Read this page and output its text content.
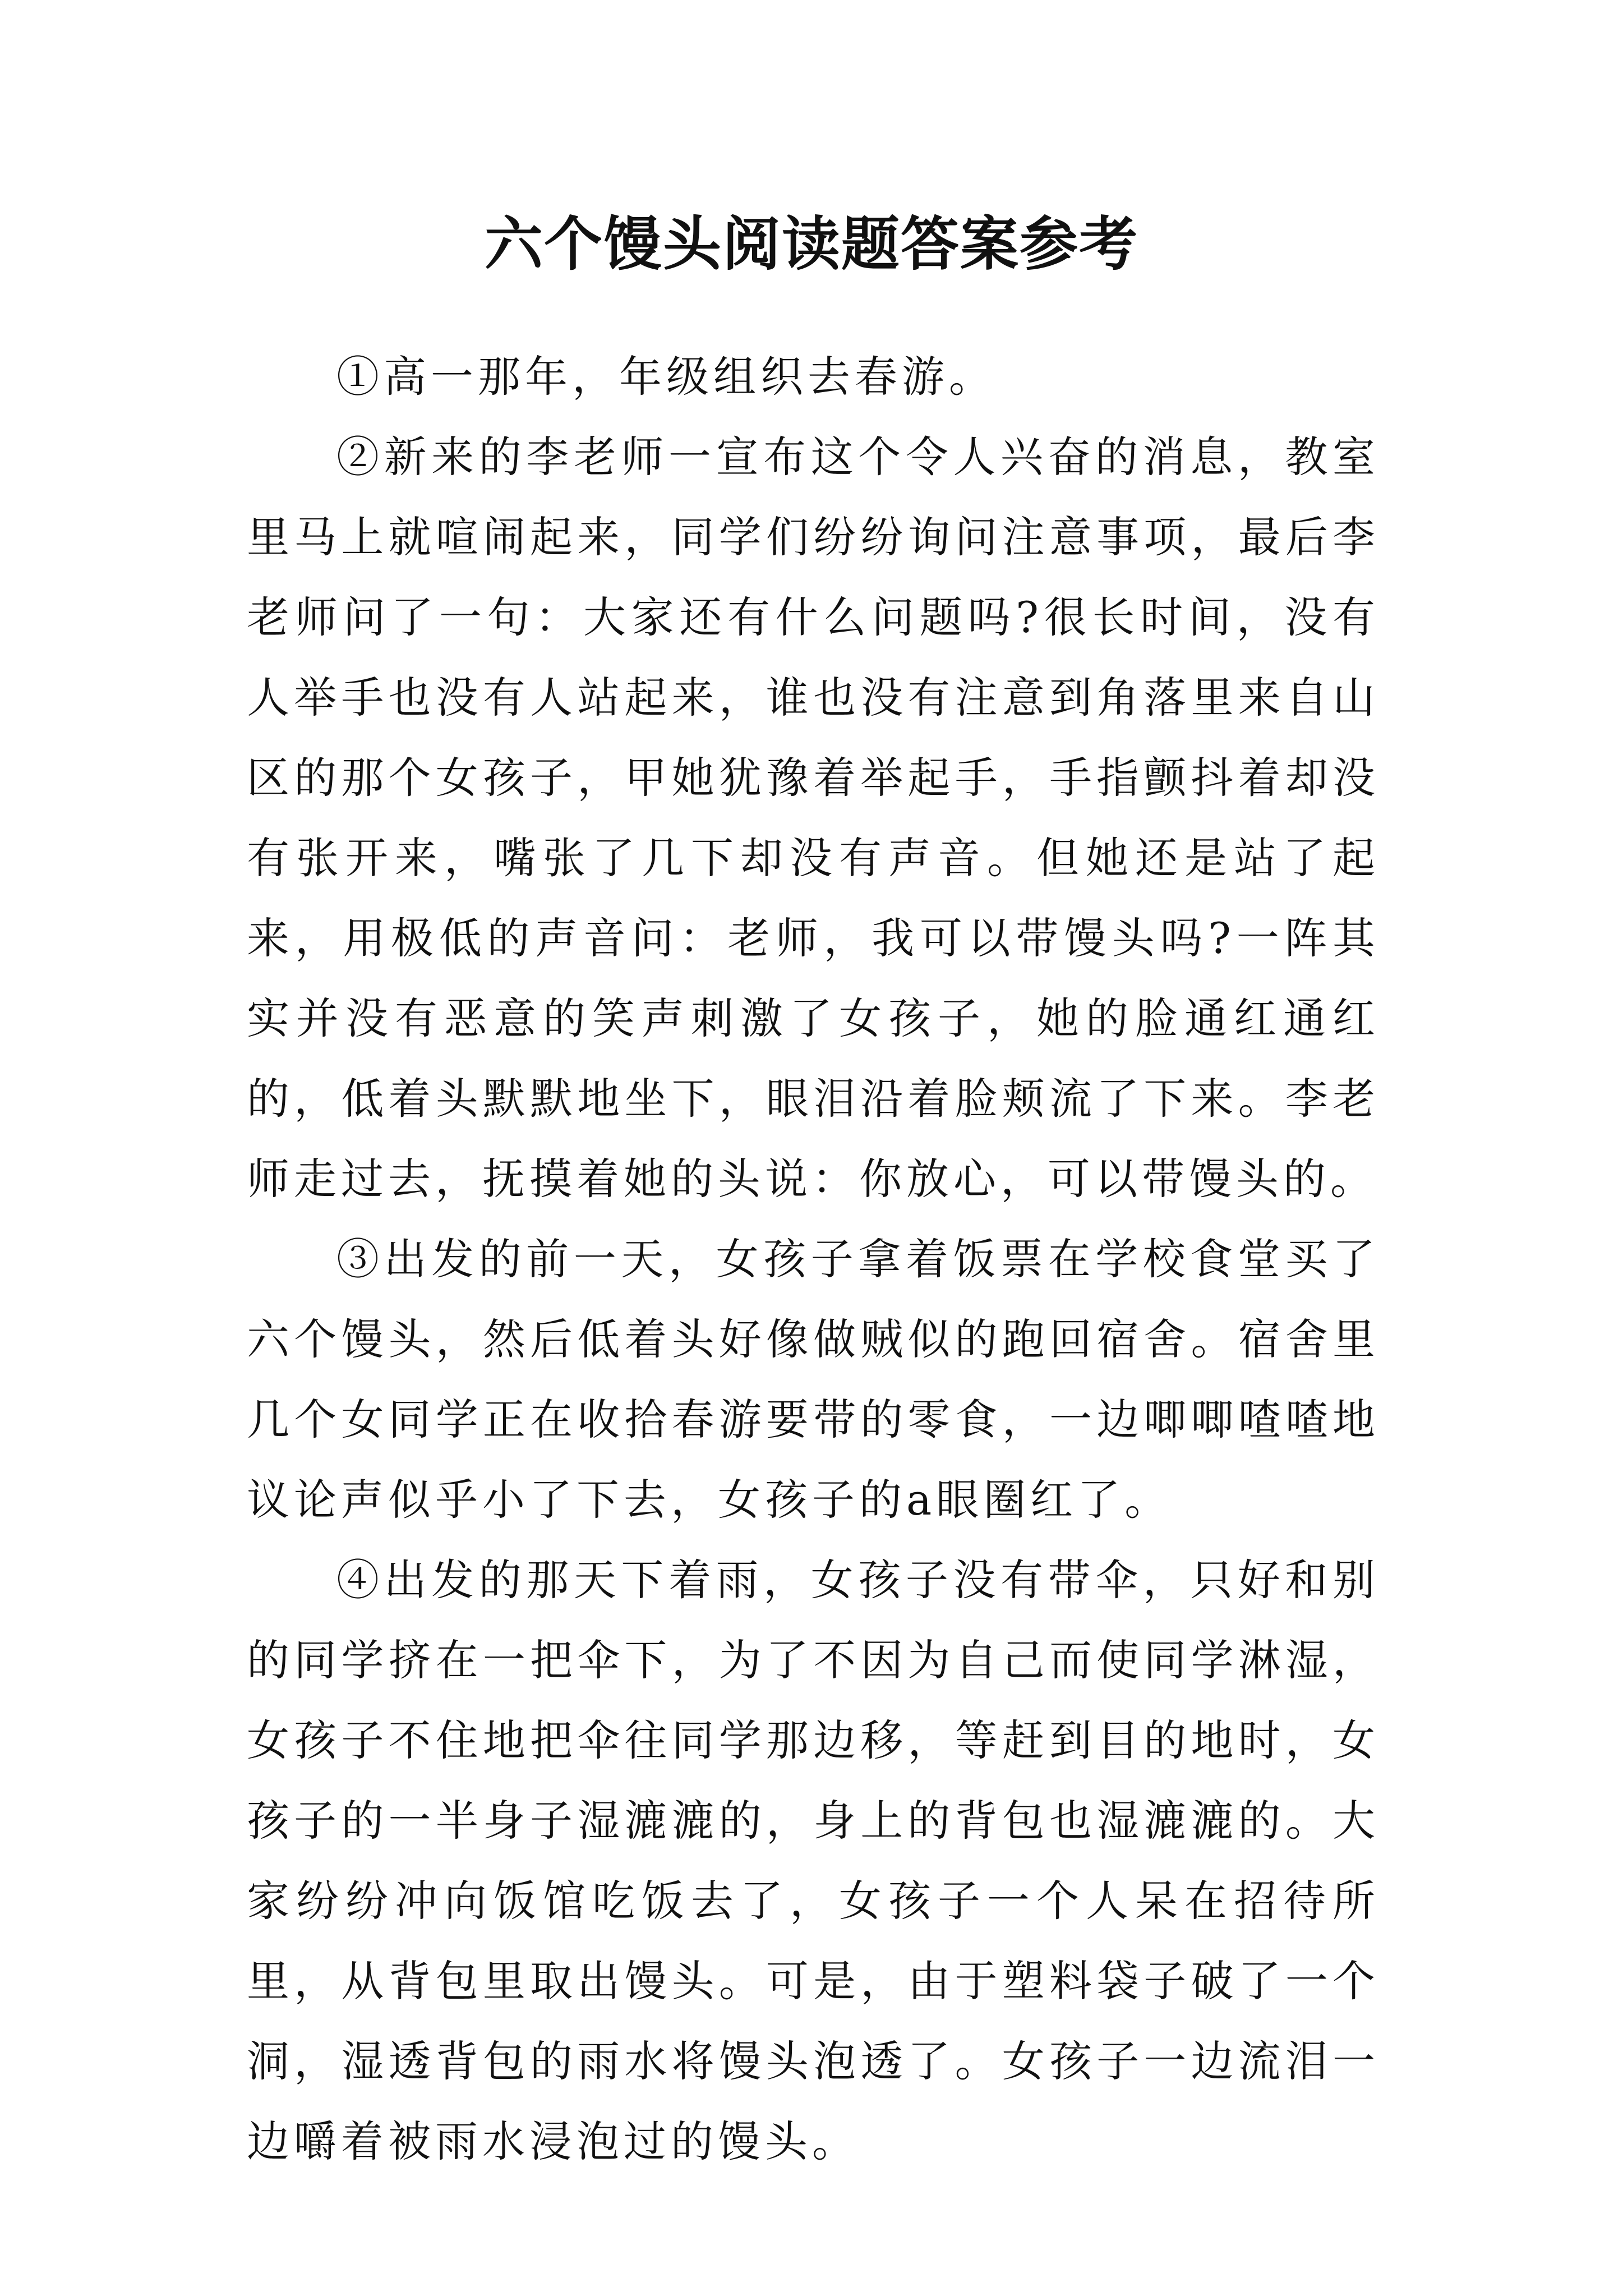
六个馒头阅读题答案参考

①高一那年，年级组织去春游。

②新来的李老师一宣布这个令人兴奋的消息，教室里马上就喧闹起来，同学们纷纷询问注意事项，最后李老师问了一句：大家还有什么问题吗?很长时间，没有人举手也没有人站起来，谁也没有注意到角落里来自山区的那个女孩子，甲她犹豫着举起手，手指颤抖着却没有张开来，嘴张了几下却没有声音。但她还是站了起来，用极低的声音问：老师，我可以带馒头吗?一阵其实并没有恶意的笑声刺激了女孩子，她的脸通红通红的，低着头默默地坐下，眼泪沿着脸颊流了下来。李老师走过去，抚摸着她的头说：你放心，可以带馒头的。

③出发的前一天，女孩子拿着饭票在学校食堂买了六个馒头，然后低着头好像做贼似的跑回宿舍。宿舍里几个女同学正在收拾春游要带的零食，一边唧唧喳喳地议论声似乎小了下去，女孩子的a眼圈红了。

④出发的那天下着雨，女孩子没有带伞，只好和别的同学挤在一把伞下，为了不因为自己而使同学淋湿，女孩子不住地把伞往同学那边移，等赶到目的地时，女孩子的一半身子湿漉漉的，身上的背包也湿漉漉的。大家纷纷冲向饭馆吃饭去了，女孩子一个人呆在招待所里，从背包里取出馒头。可是，由于塑料袋子破了一个洞，湿透背包的雨水将馒头泡透了。女孩子一边流泪一边嚼着被雨水浸泡过的馒头。
